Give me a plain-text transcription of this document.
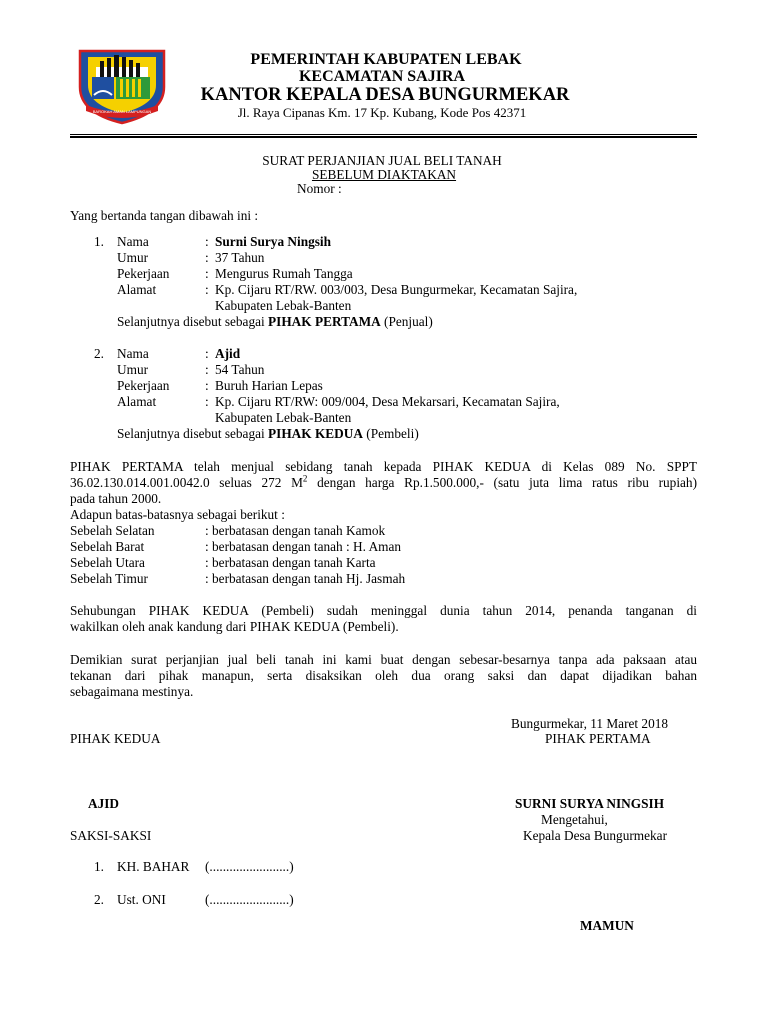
BAROKAH AMAN LAMPUNGAN
PEMERINTAH KABUPATEN LEBAK
KECAMATAN SAJIRA
KANTOR KEPALA DESA BUNGURMEKAR
Jl. Raya Cipanas Km. 17 Kp. Kubang, Kode Pos 42371
SURAT PERJANJIAN JUAL BELI TANAH
SEBELUM DIAKTAKAN
Nomor :
Yang bertanda tangan dibawah ini :
1. Nama	: Surni Surya Ningsih
Umur	: 37 Tahun
Pekerjaan	: Mengurus Rumah Tangga
Alamat	: Kp. Cijaru RT/RW. 003/003, Desa Bungurmekar, Kecamatan Sajira,
Kabupaten Lebak-Banten
Selanjutnya disebut sebagai PIHAK PERTAMA (Penjual)
2. Nama	: Ajid
Umur	: 54 Tahun
Pekerjaan	: Buruh Harian Lepas
Alamat	: Kp. Cijaru RT/RW: 009/004, Desa Mekarsari, Kecamatan Sajira,
Kabupaten Lebak-Banten
Selanjutnya disebut sebagai PIHAK KEDUA (Pembeli)
PIHAK PERTAMA telah menjual sebidang tanah kepada PIHAK KEDUA di Kelas 089 No. SPPT
36.02.130.014.001.0042.0 seluas 272 $M^2$ dengan harga Rp.1.500.000,- (satu juta lima ratus ribu rupiah)
pada tahun 2000.
Adapun batas-batasnya sebagai berikut :
Sebelah Selatan	: berbatasan dengan tanah Kamok
Sebelah Barat	: berbatasan dengan tanah : H. Aman
Sebelah Utara	: berbatasan dengan tanah Karta
Sebelah Timur	: berbatasan dengan tanah Hj. Jasmah
Sehubungan PIHAK KEDUA (Pembeli) sudah meninggal dunia tahun 2014, penanda tanganan di
wakilkan oleh anak kandung dari PIHAK KEDUA (Pembeli).
Demikian surat perjanjian jual beli tanah ini kami buat dengan sebesar-besarnya tanpa ada paksaan atau
tekanan dari pihak manapun, serta disaksikan oleh dua orang saksi dan dapat dijadikan bahan
sebagaimana mestinya.
Bungurmekar, 11 Maret 2018
PIHAK KEDUA	PIHAK PERTAMA
AJID	SURNI SURYA NINGSIH
Mengetahui,
SAKSI-SAKSI	Kepala Desa Bungurmekar
1. KH. BAHAR (........................)
2. Ust. ONI	(........................)
MAMUN
